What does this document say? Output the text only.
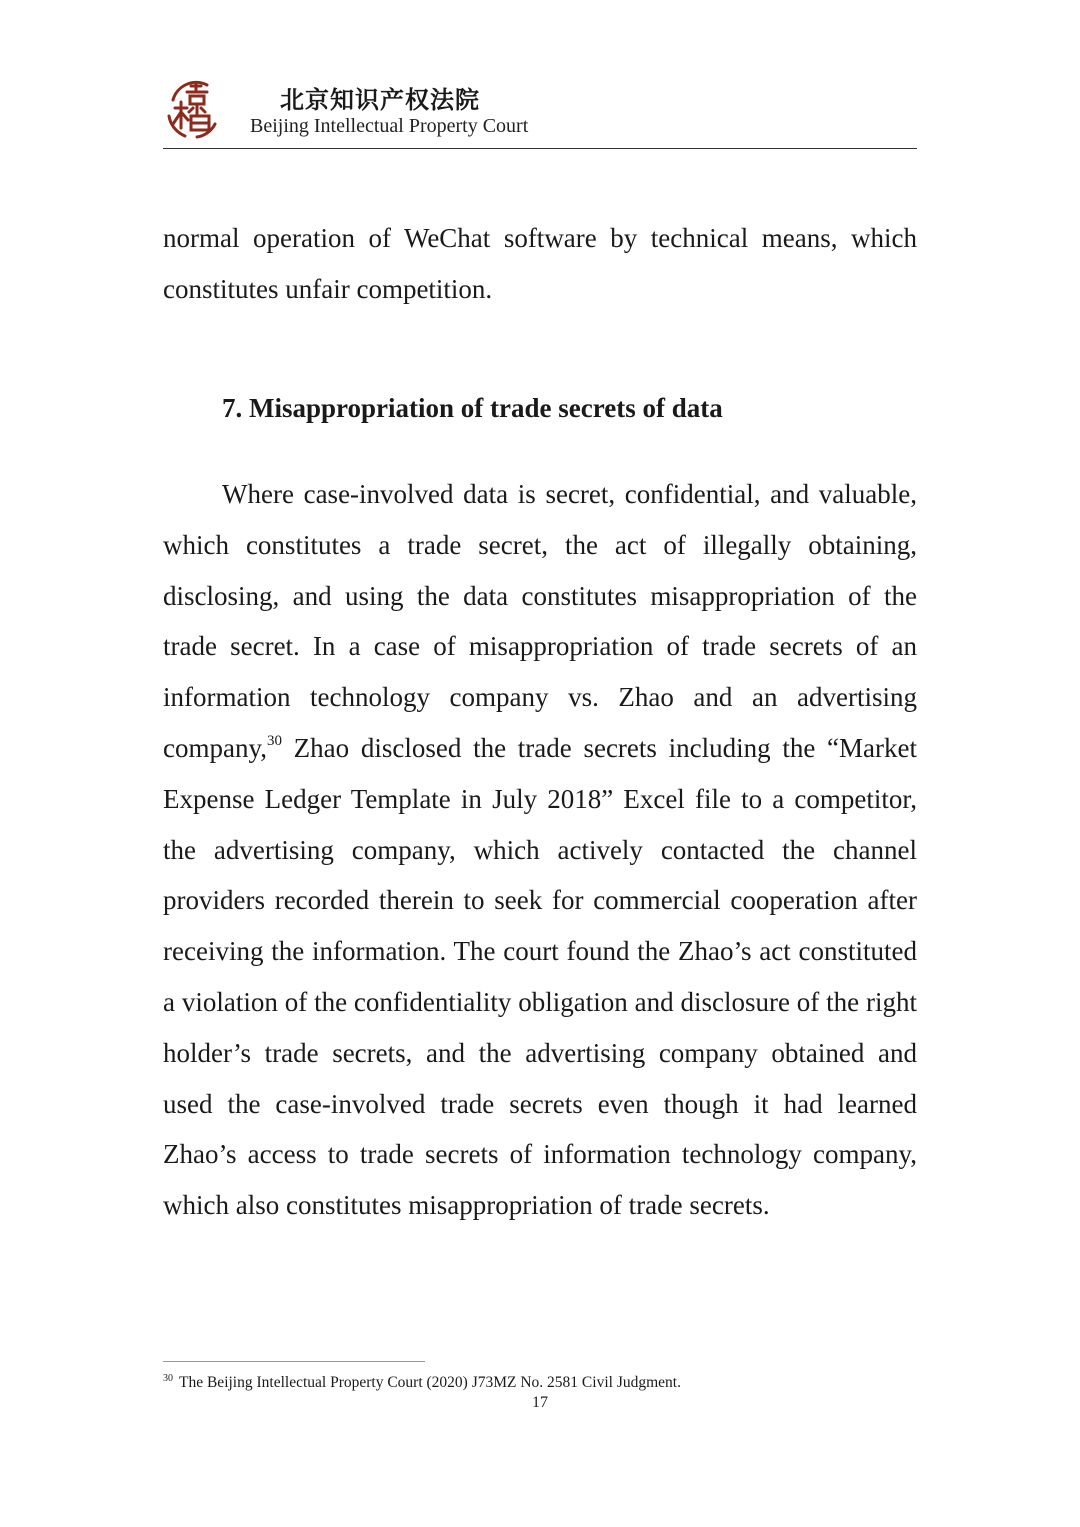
北京知识产权法院
Beijing Intellectual Property Court

normal operation of WeChat software by technical means, which constitutes unfair competition.

7. Misappropriation of trade secrets of data

Where case-involved data is secret, confidential, and valuable, which constitutes a trade secret, the act of illegally obtaining, disclosing, and using the data constitutes misappropriation of the trade secret. In a case of misappropriation of trade secrets of an information technology company vs. Zhao and an advertising company,$^{30}$ Zhao disclosed the trade secrets including the “Market Expense Ledger Template in July 2018” Excel file to a competitor, the advertising company, which actively contacted the channel providers recorded therein to seek for commercial cooperation after receiving the information. The court found the Zhao’s act constituted a violation of the confidentiality obligation and disclosure of the right holder’s trade secrets, and the advertising company obtained and used the case-involved trade secrets even though it had learned Zhao’s access to trade secrets of information technology company, which also constitutes misappropriation of trade secrets.

$^{30}$ The Beijing Intellectual Property Court (2020) J73MZ No. 2581 Civil Judgment.
17
